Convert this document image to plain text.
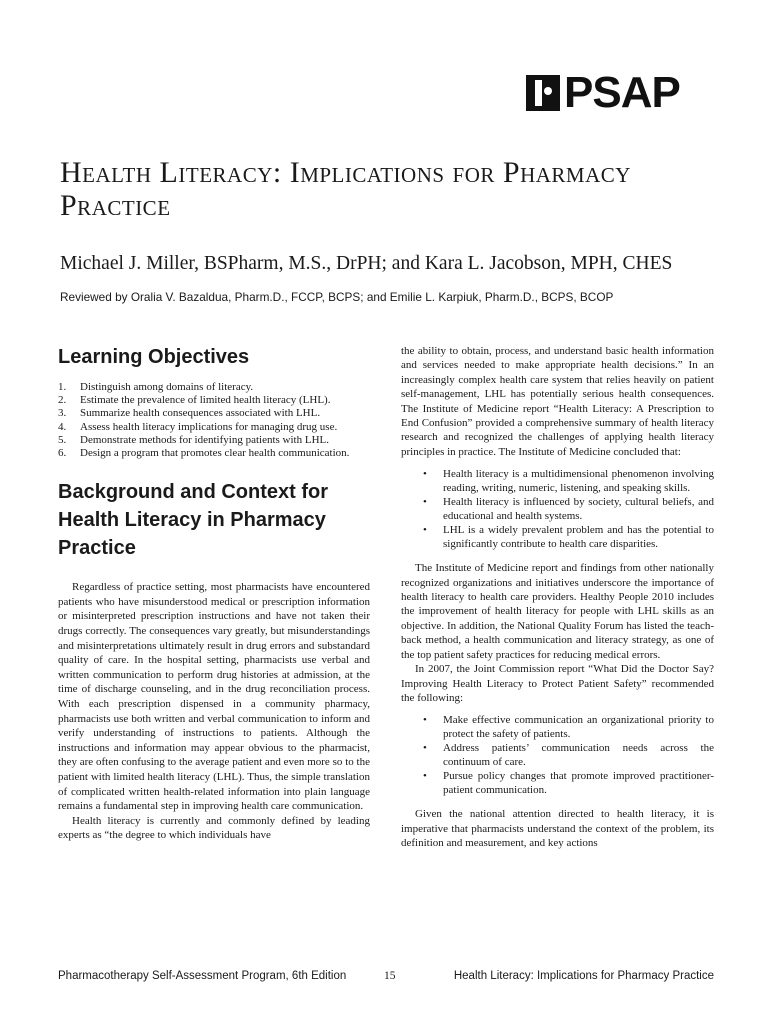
PSAP
Health Literacy: Implications for Pharmacy Practice
Michael J. Miller, BSPharm, M.S., DrPH; and Kara L. Jacobson, MPH, CHES
Reviewed by Oralia V. Bazaldua, Pharm.D., FCCP, BCPS; and Emilie L. Karpiuk, Pharm.D., BCPS, BCOP
Learning Objectives
1.	Distinguish among domains of literacy.
2.	Estimate the prevalence of limited health literacy (LHL).
3.	Summarize health consequences associated with LHL.
4.	Assess health literacy implications for managing drug use.
5.	Demonstrate methods for identifying patients with LHL.
6.	Design a program that promotes clear health communication.
Background and Context for Health Literacy in Pharmacy Practice

Regardless of practice setting, most pharmacists have encountered patients who have misunderstood medical or prescription information or misinterpreted prescription instructions and have not taken their drugs correctly. The consequences vary greatly, but misunderstandings and misinterpretations ultimately result in drug errors and substandard quality of care. In the hospital setting, pharmacists use verbal and written communication to perform drug histories at admission, at the time of discharge counseling, and in the drug reconciliation process. With each prescription dispensed in a community pharmacy, pharmacists use both written and verbal communication to inform and verify understanding of instructions to patients. Although the instructions and information may appear obvious to the pharmacist, they are often confusing to the average patient and even more so to the patient with limited health literacy (LHL). Thus, the simple translation of complicated written health-related information into plain language remains a fundamental step in improving health care communication.

Health literacy is currently and commonly defined by leading experts as “the degree to which individuals have

the ability to obtain, process, and understand basic health information and services needed to make appropriate health decisions.” In an increasingly complex health care system that relies heavily on patient self-management, LHL has potentially serious health consequences. The Institute of Medicine report “Health Literacy: A Prescription to End Confusion” provided a comprehensive summary of health literacy research and recognized the challenges of applying health literacy principles in practice. The Institute of Medicine concluded that:

•	Health literacy is a multidimensional phenomenon involving reading, writing, numeric, listening, and speaking skills.
•	Health literacy is influenced by society, cultural beliefs, and educational and health systems.
•	LHL is a widely prevalent problem and has the potential to significantly contribute to health care disparities.

The Institute of Medicine report and findings from other nationally recognized organizations and initiatives underscore the importance of health literacy to health care providers. Healthy People 2010 includes the improvement of health literacy for people with LHL skills as an objective. In addition, the National Quality Forum has listed the teach-back method, a health communication and literacy strategy, as one of the top patient safety practices for reducing medical errors.

In 2007, the Joint Commission report “What Did the Doctor Say? Improving Health Literacy to Protect Patient Safety” recommended the following:

•	Make effective communication an organizational priority to protect the safety of patients.
•	Address patients’ communication needs across the continuum of care.
•	Pursue policy changes that promote improved practitioner-patient communication.

Given the national attention directed to health literacy, it is imperative that pharmacists understand the context of the problem, its definition and measurement, and key actions

Pharmacotherapy Self-Assessment Program, 6th Edition	15	Health Literacy: Implications for Pharmacy Practice
